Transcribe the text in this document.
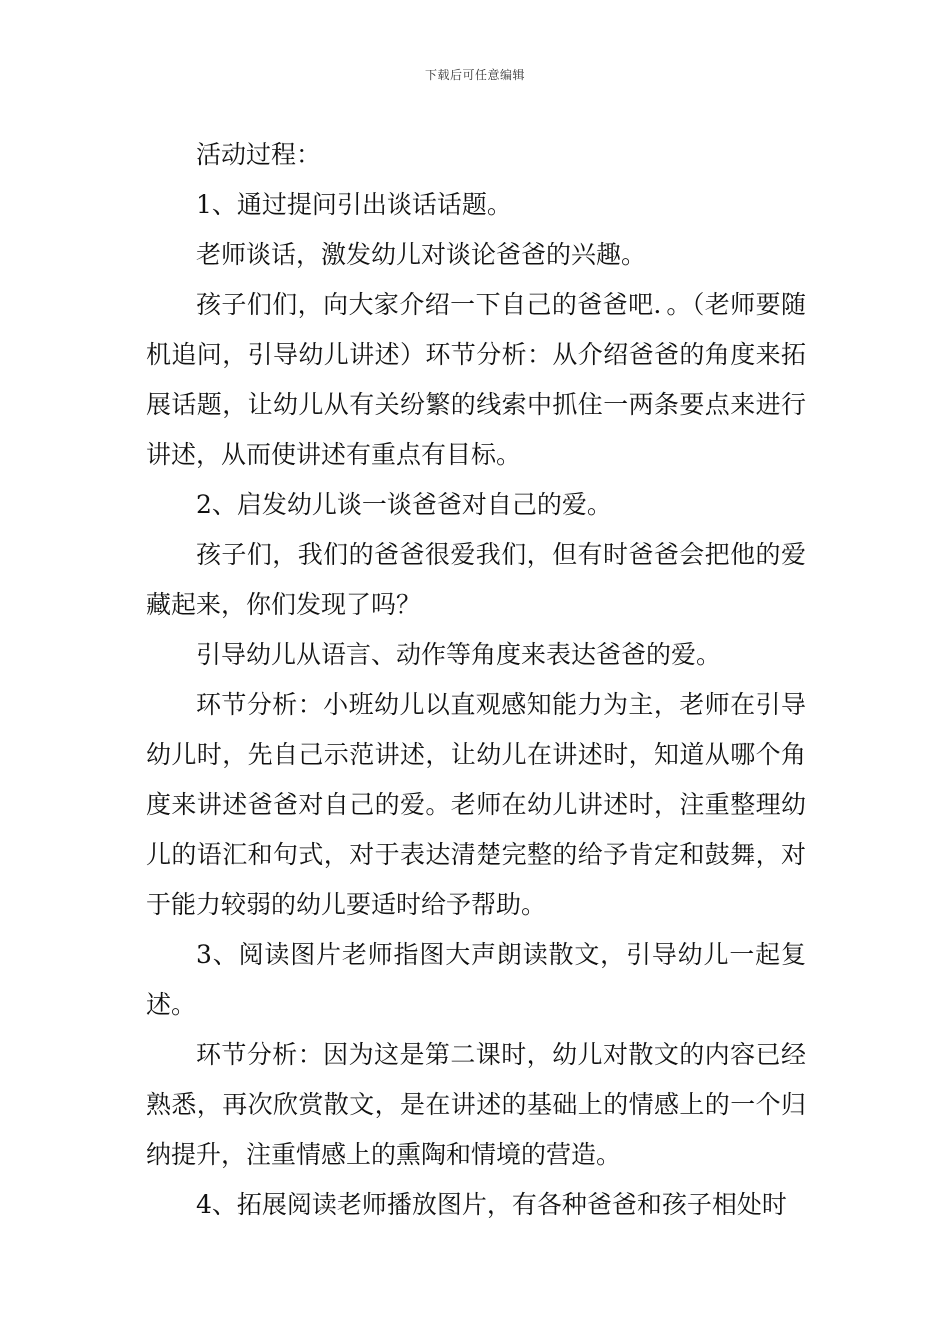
下载后可任意编辑

活动过程：

1、通过提问引出谈话话题。

老师谈话，激发幼儿对谈论爸爸的兴趣。

孩子们们，向大家介绍一下自己的爸爸吧．。（老师要随机追问，引导幼儿讲述）环节分析：从介绍爸爸的角度来拓展话题，让幼儿从有关纷繁的线索中抓住一两条要点来进行讲述，从而使讲述有重点有目标。

2、启发幼儿谈一谈爸爸对自己的爱。

孩子们，我们的爸爸很爱我们，但有时爸爸会把他的爱藏起来，你们发现了吗？

引导幼儿从语言、动作等角度来表达爸爸的爱。

环节分析：小班幼儿以直观感知能力为主，老师在引导幼儿时，先自己示范讲述，让幼儿在讲述时，知道从哪个角度来讲述爸爸对自己的爱。老师在幼儿讲述时，注重整理幼儿的语汇和句式，对于表达清楚完整的给予肯定和鼓舞，对于能力较弱的幼儿要适时给予帮助。

3、阅读图片老师指图大声朗读散文，引导幼儿一起复述。

环节分析：因为这是第二课时，幼儿对散文的内容已经熟悉，再次欣赏散文，是在讲述的基础上的情感上的一个归纳提升，注重情感上的熏陶和情境的营造。

4、拓展阅读老师播放图片，有各种爸爸和孩子相处时
